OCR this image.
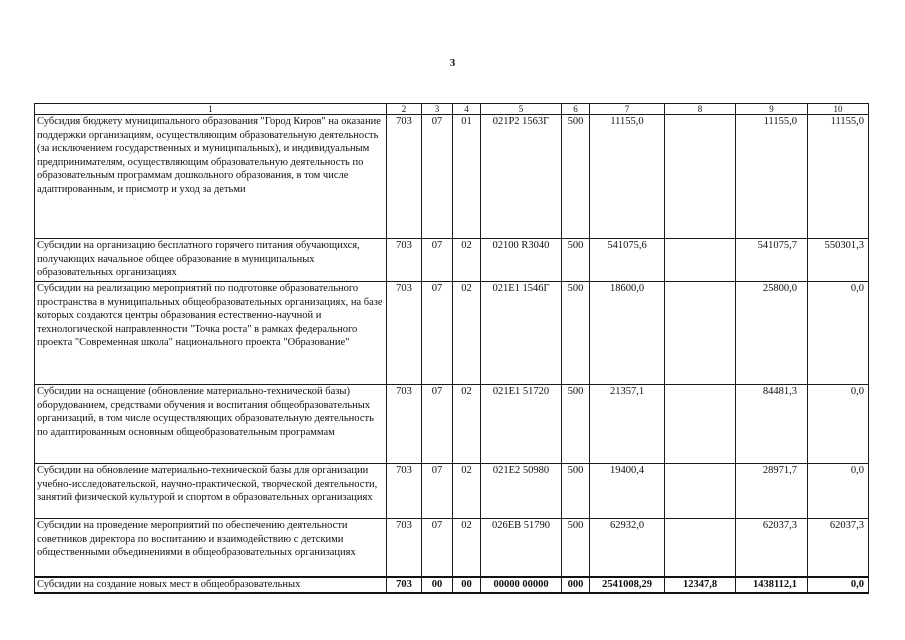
3
1	2	3	4	5	6	7	8	9	10
Субсидия бюджету муниципального образования "Город Киров" на оказание поддержки организациям, осуществляющим образовательную деятельность (за исключением государственных и муниципальных), и индивидуальным предпринимателям, осуществляющим образовательную деятельность по образовательным программам дошкольного образования, в том числе адаптированным, и присмотр и уход за детьми	703	07	01	021P2 1563Г	500	11155,0		11155,0	11155,0
Субсидии на организацию бесплатного горячего питания обучающихся, получающих начальное общее образование в муниципальных образовательных организациях	703	07	02	02100 R3040	500	541075,6		541075,7	550301,3
Субсидии на реализацию мероприятий по подготовке образовательного пространства в муниципальных общеобразовательных организациях, на базе которых создаются центры образования естественно-научной и технологической направленности "Точка роста" в рамках федерального проекта "Современная школа" национального проекта "Образование"	703	07	02	021E1 1546Г	500	18600,0		25800,0	0,0
Субсидии на оснащение (обновление материально-технической базы) оборудованием, средствами обучения и воспитания общеобразовательных организаций, в том числе осуществляющих образовательную деятельность по адаптированным основным общеобразовательным программам	703	07	02	021E1 51720	500	21357,1		84481,3	0,0
Субсидии на обновление материально-технической базы для организации учебно-исследовательской, научно-практической, творческой деятельности, занятий физической культурой и спортом в образовательных организациях	703	07	02	021E2 50980	500	19400,4		28971,7	0,0
Субсидии на проведение мероприятий по обеспечению деятельности советников директора по воспитанию и взаимодействию с детскими общественными объединениями в общеобразовательных организациях	703	07	02	026EB 51790	500	62932,0		62037,3	62037,3
Субсидии на создание новых мест в общеобразовательных	703	00	00	00000 00000	000	2541008,29	12347,8	1438112,1	0,0
